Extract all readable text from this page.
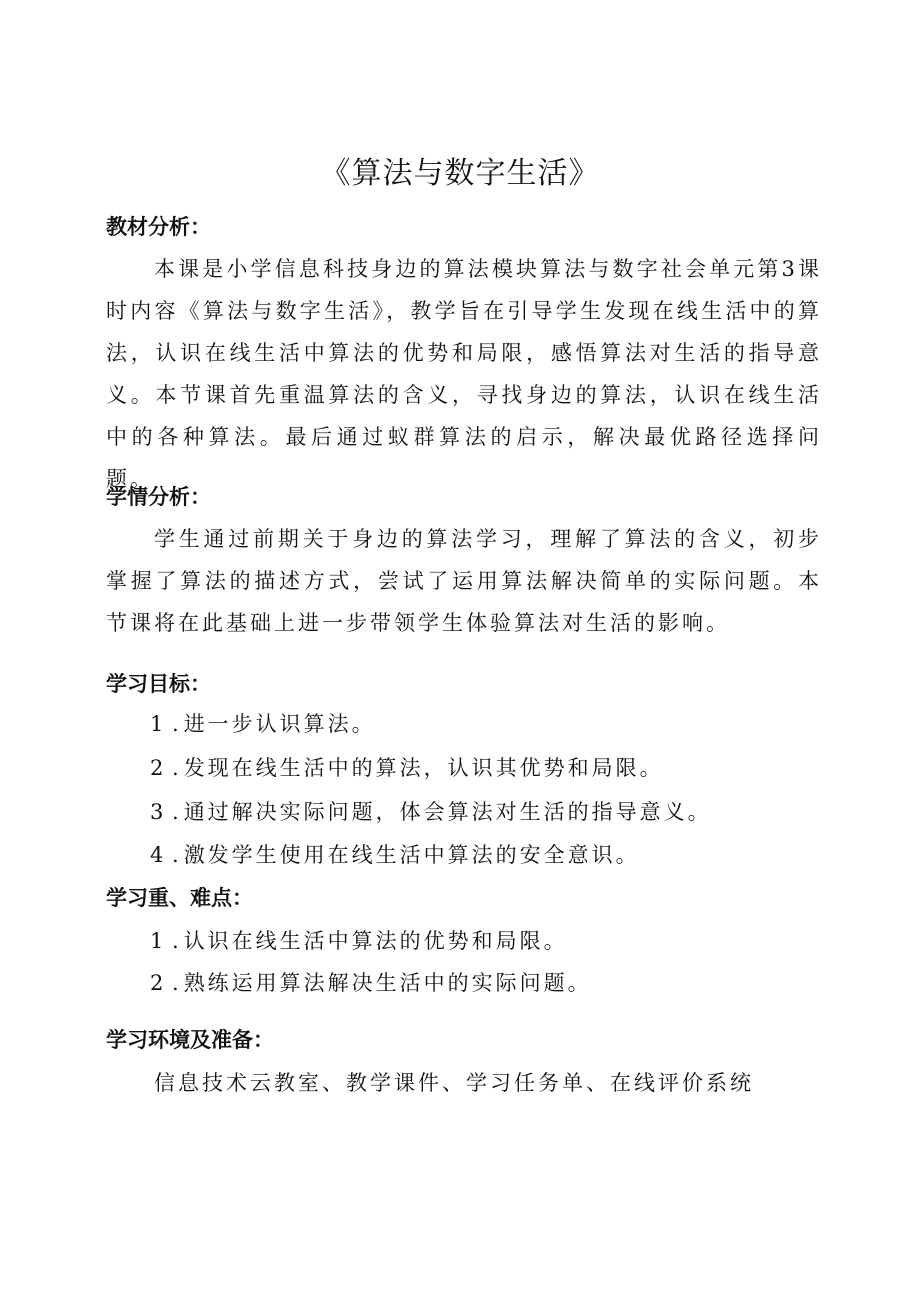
《算法与数字生活》
教材分析：

本课是小学信息科技身边的算法模块算法与数字社会单元第3课时内容《算法与数字生活》，教学旨在引导学生发现在线生活中的算法，认识在线生活中算法的优势和局限，感悟算法对生活的指导意义。本节课首先重温算法的含义，寻找身边的算法，认识在线生活中的各种算法。最后通过蚁群算法的启示，解决最优路径选择问题。

学情分析：

学生通过前期关于身边的算法学习，理解了算法的含义，初步掌握了算法的描述方式，尝试了运用算法解决简单的实际问题。本节课将在此基础上进一步带领学生体验算法对生活的影响。

学习目标：
1 .进一步认识算法。
2 .发现在线生活中的算法，认识其优势和局限。
3 .通过解决实际问题，体会算法对生活的指导意义。
4 .激发学生使用在线生活中算法的安全意识。
学习重、难点：
1 .认识在线生活中算法的优势和局限。
2 .熟练运用算法解决生活中的实际问题。
学习环境及准备：
信息技术云教室、教学课件、学习任务单、在线评价系统
